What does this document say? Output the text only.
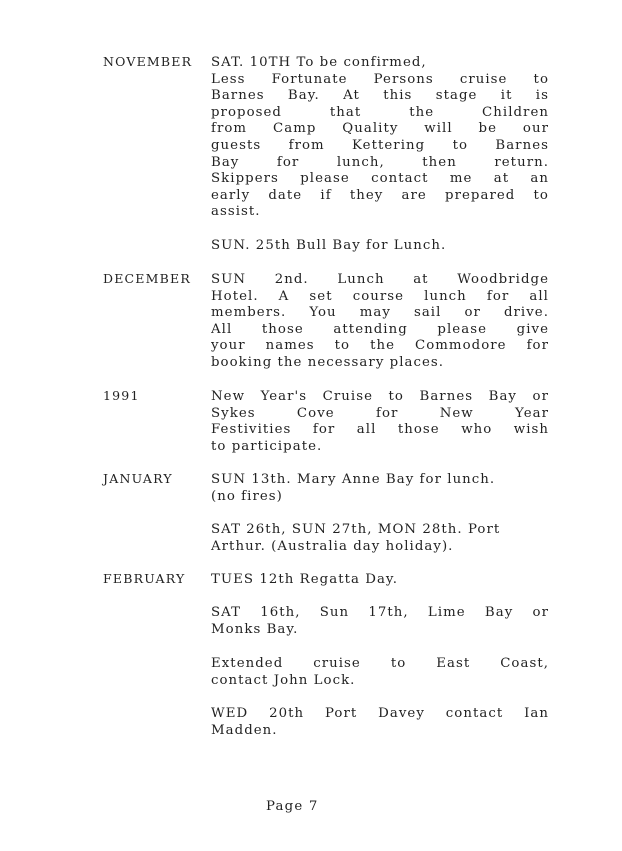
NOVEMBER SAT. 10TH To be confirmed,
Less Fortunate Persons cruise to
Barnes Bay. At this stage it is
proposed that the Children
from Camp Quality will be our
guests from Kettering to Barnes
Bay for lunch, then return.
Skippers please contact me at an
early date if they are prepared to
assist.
SUN. 25th Bull Bay for Lunch.
DECEMBER SUN 2nd. Lunch at Woodbridge
Hotel. A set course lunch for all
members. You may sail or drive.
All those attending please give
your names to the Commodore for
booking the necessary places.
1991	New Year's Cruise to Barnes Bay or
Sykes Cove for New Year
Festivities for all those who wish
to participate.
JANUARY	SUN 13th. Mary Anne Bay for lunch.
(no fires)
SAT 26th, SUN 27th, MON 28th. Port
Arthur. (Australia day holiday).
FEBRUARY TUES 12th Regatta Day.
SAT 16th, Sun 17th, Lime Bay or
Monks Bay.
Extended cruise to East Coast,
contact John Lock.
WED 20th Port Davey contact Ian
Madden.
Page 7
